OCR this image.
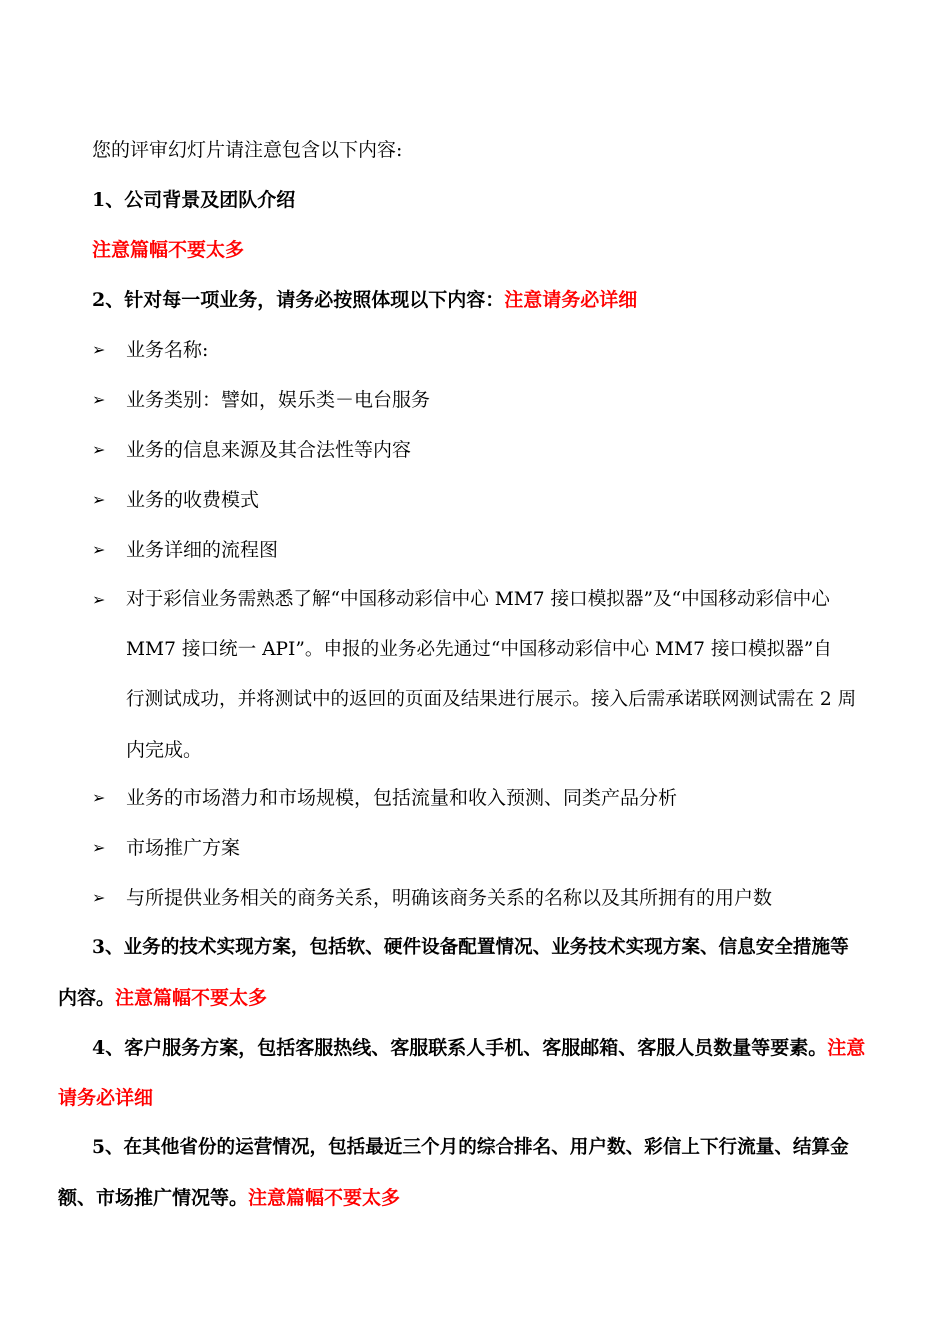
您的评审幻灯片请注意包含以下内容:
1、公司背景及团队介绍
注意篇幅不要太多
2、针对每一项业务，请务必按照体现以下内容：注意请务必详细
➢ 业务名称:
➢ 业务类别：譬如，娱乐类－电台服务
➢ 业务的信息来源及其合法性等内容
➢ 业务的收费模式
➢ 业务详细的流程图
➢ 对于彩信业务需熟悉了解“中国移动彩信中心 MM7 接口模拟器”及“中国移动彩信中心
MM7 接口统一 API”。申报的业务必先通过“中国移动彩信中心 MM7 接口模拟器”自
行测试成功，并将测试中的返回的页面及结果进行展示。接入后需承诺联网测试需在 2 周
内完成。
➢ 业务的市场潜力和市场规模，包括流量和收入预测、同类产品分析
➢ 市场推广方案
➢ 与所提供业务相关的商务关系，明确该商务关系的名称以及其所拥有的用户数
3、业务的技术实现方案，包括软、硬件设备配置情况、业务技术实现方案、信息安全措施等
内容。注意篇幅不要太多
4、客户服务方案，包括客服热线、客服联系人手机、客服邮箱、客服人员数量等要素。注意
请务必详细
5、在其他省份的运营情况，包括最近三个月的综合排名、用户数、彩信上下行流量、结算金
额、市场推广情况等。注意篇幅不要太多
